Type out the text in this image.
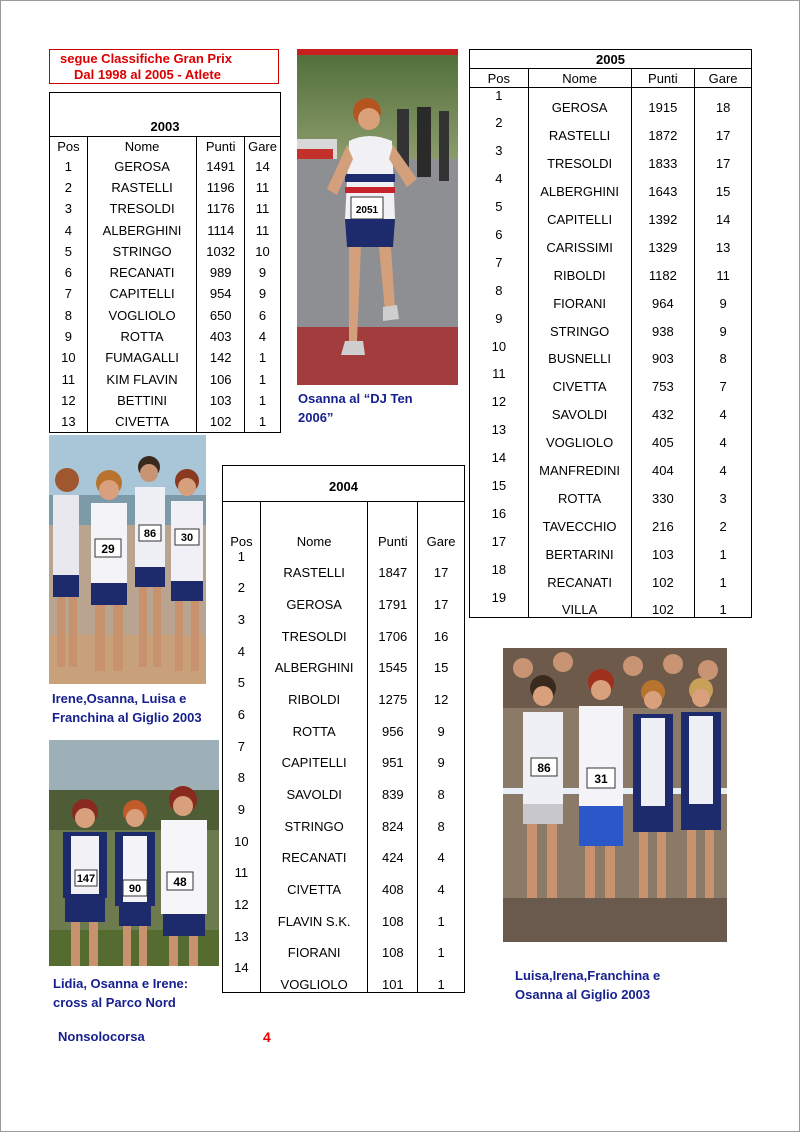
segue Classifiche Gran Prix
Dal 1998 al 2005 - Atlete
2003			
Pos	Nome	Punti	Gare
1	GEROSA	1491	14
2	RASTELLI	1196	11
3	TRESOLDI	1176	11
4	ALBERGHINI	1114	11
5	STRINGO	1032	10
6	RECANATI	989	9
7	CAPITELLI	954	9
8	VOGLIOLO	650	6
9	ROTTA	403	4
10	FUMAGALLI	142	1
11	KIM FLAVIN	106	1
12	BETTINI	103	1
13	CIVETTA	102	1
2051
Osanna al “DJ Ten
2006”
2005			
Pos	Nome	Punti	Gare
1	GEROSA	1915	18
2	RASTELLI	1872	17
3	TRESOLDI	1833	17
4	ALBERGHINI	1643	15
5	CAPITELLI	1392	14
6	CARISSIMI	1329	13
7	RIBOLDI	1182	11
8	FIORANI	964	9
9	STRINGO	938	9
10	BUSNELLI	903	8
11	CIVETTA	753	7
12	SAVOLDI	432	4
13	VOGLIOLO	405	4
14	MANFREDINI	404	4
15	ROTTA	330	3
16	TAVECCHIO	216	2
17	BERTARINI	103	1
18	RECANATI	102	1
19	VILLA	102	1
29
86 30
Irene,Osanna, Luisa e
Franchina al Giglio 2003
2004			
Pos	Nome	Punti	Gare
1	RASTELLI	1847	17
2	GEROSA	1791	17
3	TRESOLDI	1706	16
4	ALBERGHINI	1545	15
5	RIBOLDI	1275	12
6	ROTTA	956	9
7	CAPITELLI	951	9
8	SAVOLDI	839	8
9	STRINGO	824	8
10	RECANATI	424	4
11	CIVETTA	408	4
12	FLAVIN S.K.	108	1
13	FIORANI	108	1
14	VOGLIOLO	101	1
147
90	48
Lidia, Osanna e Irene:
cross al Parco Nord
86
31
Luisa,Irena,Franchina e
Osanna al Giglio 2003
Nonsolocorsa	4
